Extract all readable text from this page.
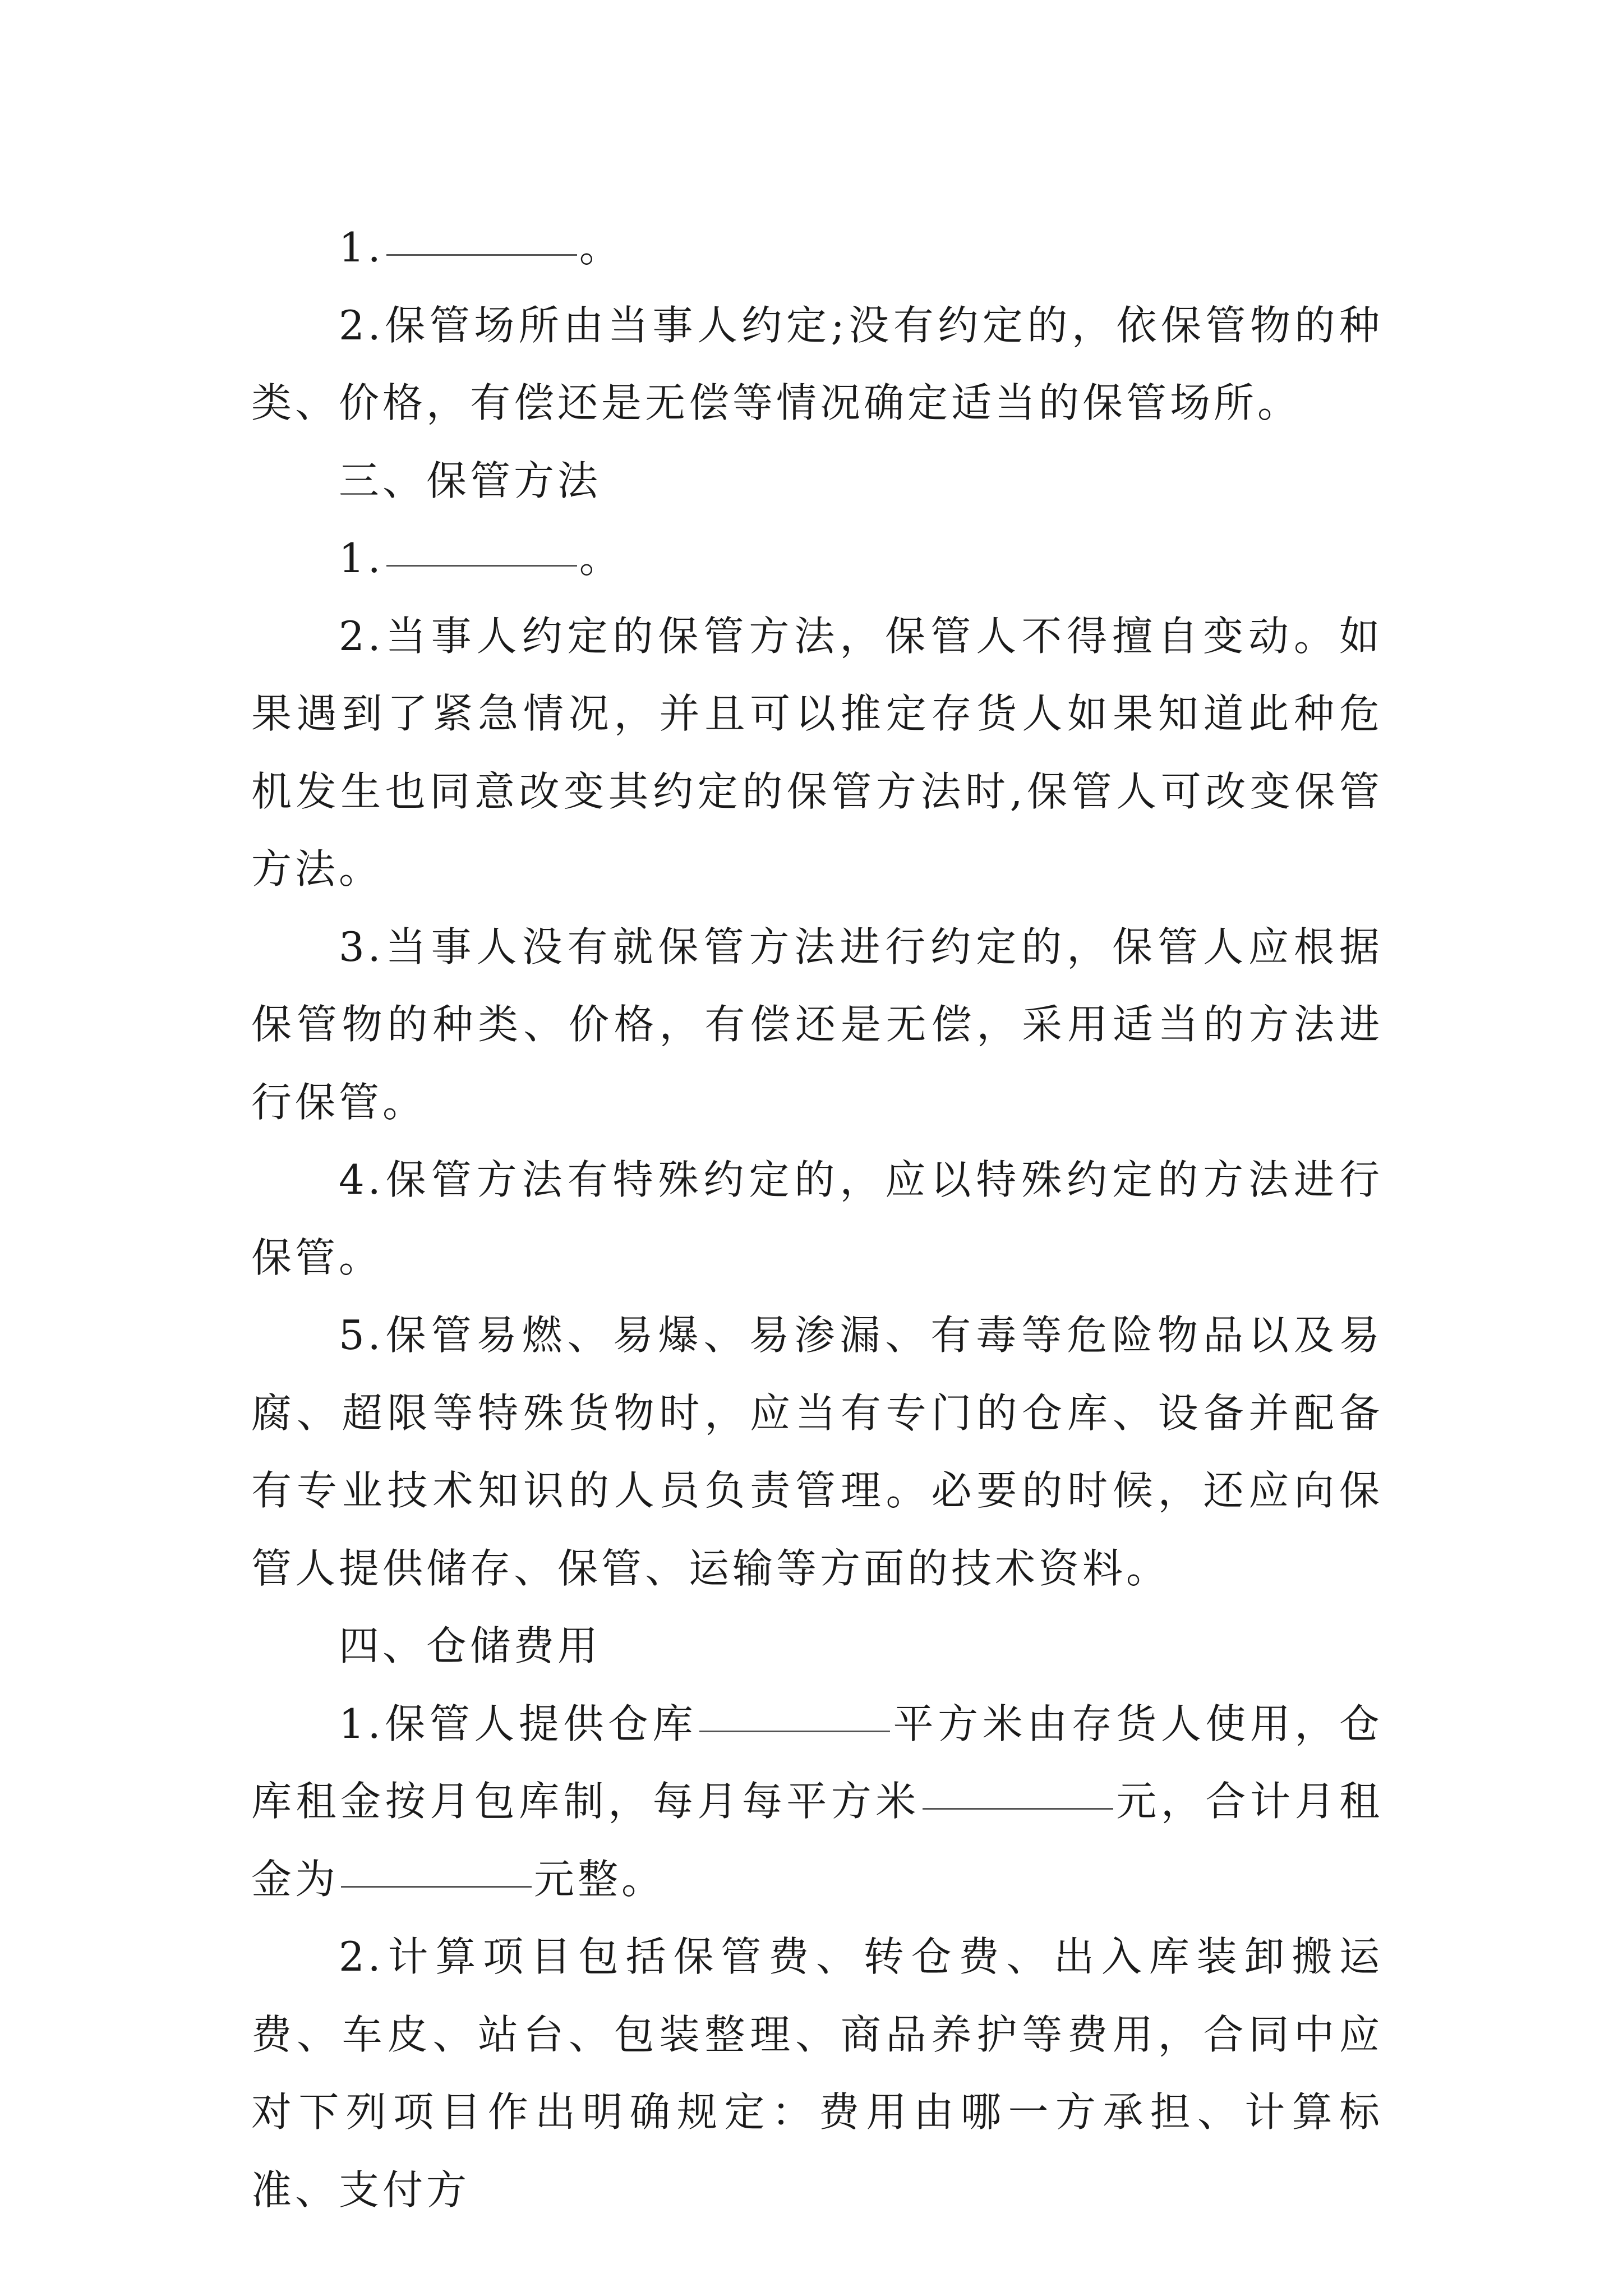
1.	。

2.保管场所由当事人约定;没有约定的，依保管物的种类、价格，有偿还是无偿等情况确定适当的保管场所。

三、保管方法

1.	。

2.当事人约定的保管方法，保管人不得擅自变动。如果遇到了紧急情况，并且可以推定存货人如果知道此种危机发生也同意改变其约定的保管方法时,保管人可改变保管方法。

3.当事人没有就保管方法进行约定的，保管人应根据保管物的种类、价格，有偿还是无偿，采用适当的方法进行保管。

4.保管方法有特殊约定的，应以特殊约定的方法进行保管。

5.保管易燃、易爆、易渗漏、有毒等危险物品以及易腐、超限等特殊货物时，应当有专门的仓库、设备并配备有专业技术知识的人员负责管理。必要的时候，还应向保管人提供储存、保管、运输等方面的技术资料。

四、仓储费用

1.保管人提供仓库	平方米由存货人使用，仓库租金按月包库制，每月每平方米	元，合计月租金为	元整。

2.计算项目包括保管费、转仓费、出入库装卸搬运费、车皮、站台、包装整理、商品养护等费用，合同中应对下列项目作出明确规定：费用由哪一方承担、计算标准、支付方
